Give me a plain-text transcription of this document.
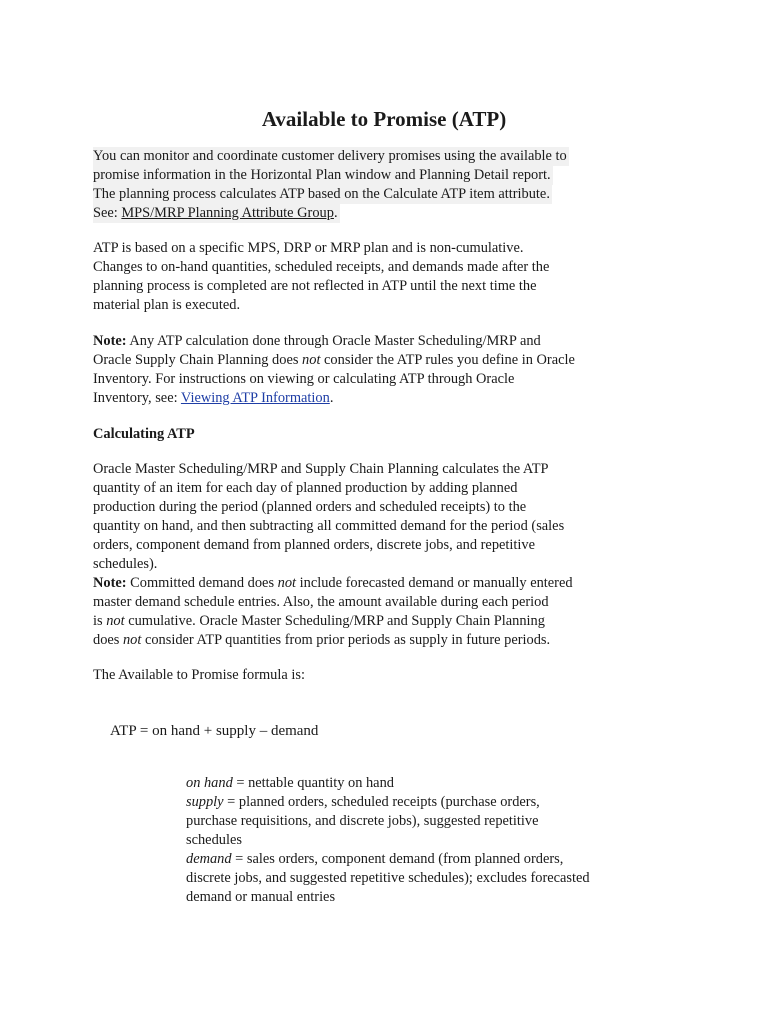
Available to Promise (ATP)
You can monitor and coordinate customer delivery promises using the available to
promise information in the Horizontal Plan window and Planning Detail report.
The planning process calculates ATP based on the Calculate ATP item attribute.
See: MPS/MRP Planning Attribute Group.
ATP is based on a specific MPS, DRP or MRP plan and is non-cumulative.
Changes to on-hand quantities, scheduled receipts, and demands made after the
planning process is completed are not reflected in ATP until the next time the
material plan is executed.
Note: Any ATP calculation done through Oracle Master Scheduling/MRP and
Oracle Supply Chain Planning does not consider the ATP rules you define in Oracle
Inventory. For instructions on viewing or calculating ATP through Oracle
Inventory, see: Viewing ATP Information.
Calculating ATP
Oracle Master Scheduling/MRP and Supply Chain Planning calculates the ATP
quantity of an item for each day of planned production by adding planned
production during the period (planned orders and scheduled receipts) to the
quantity on hand, and then subtracting all committed demand for the period (sales
orders, component demand from planned orders, discrete jobs, and repetitive
schedules).
Note: Committed demand does not include forecasted demand or manually entered
master demand schedule entries. Also, the amount available during each period
is not cumulative. Oracle Master Scheduling/MRP and Supply Chain Planning
does not consider ATP quantities from prior periods as supply in future periods.
The Available to Promise formula is:
ATP = on hand + supply – demand
on hand = nettable quantity on hand
supply = planned orders, scheduled receipts (purchase orders,
purchase requisitions, and discrete jobs), suggested repetitive
schedules
demand = sales orders, component demand (from planned orders,
discrete jobs, and suggested repetitive schedules); excludes forecasted
demand or manual entries
